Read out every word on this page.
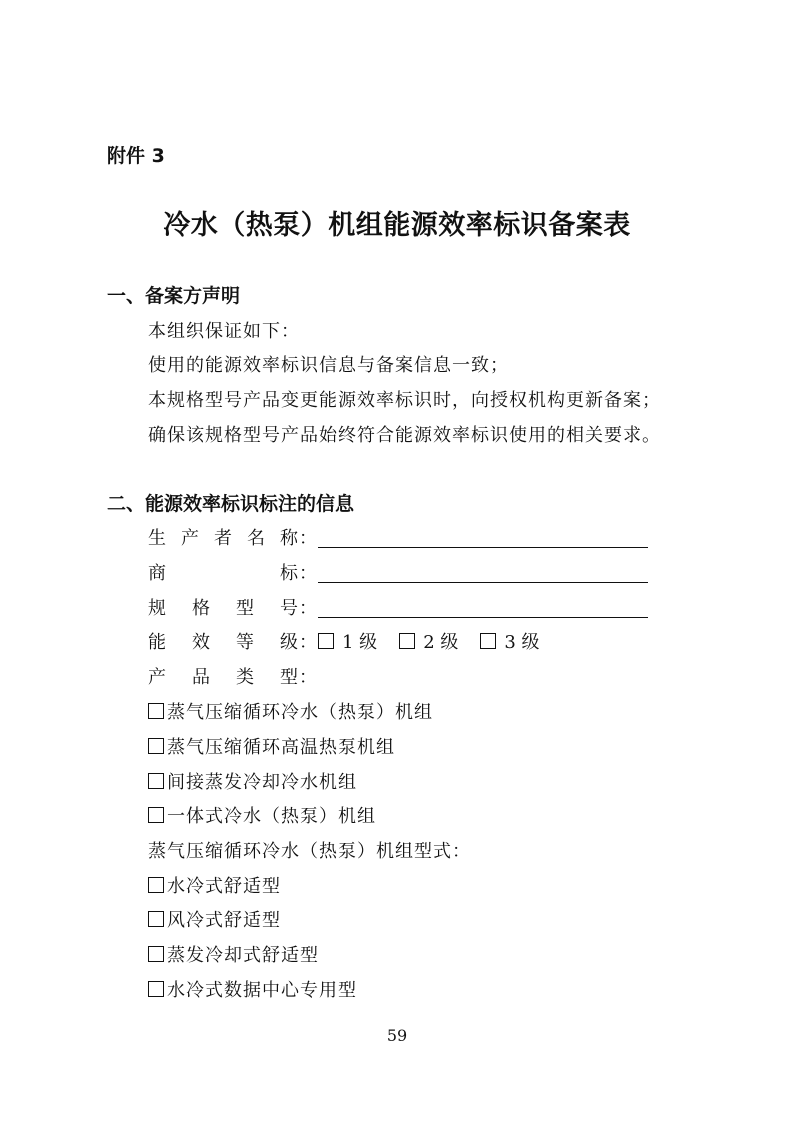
附件 3
冷水（热泵）机组能源效率标识备案表
一、备案方声明
本组织保证如下：
使用的能源效率标识信息与备案信息一致；
本规格型号产品变更能源效率标识时，向授权机构更新备案；
确保该规格型号产品始终符合能源效率标识使用的相关要求。
二、能源效率标识标注的信息
生 产 者 名 称 ：
商	标 ：
规 格 型 号 ：
能 效 等 级 ： 1 级	2 级	3 级
产 品 类 型 ：
蒸气压缩循环冷水（热泵）机组
蒸气压缩循环高温热泵机组
间接蒸发冷却冷水机组
一体式冷水（热泵）机组
蒸气压缩循环冷水（热泵）机组型式：
水冷式舒适型
风冷式舒适型
蒸发冷却式舒适型
水冷式数据中心专用型
59
